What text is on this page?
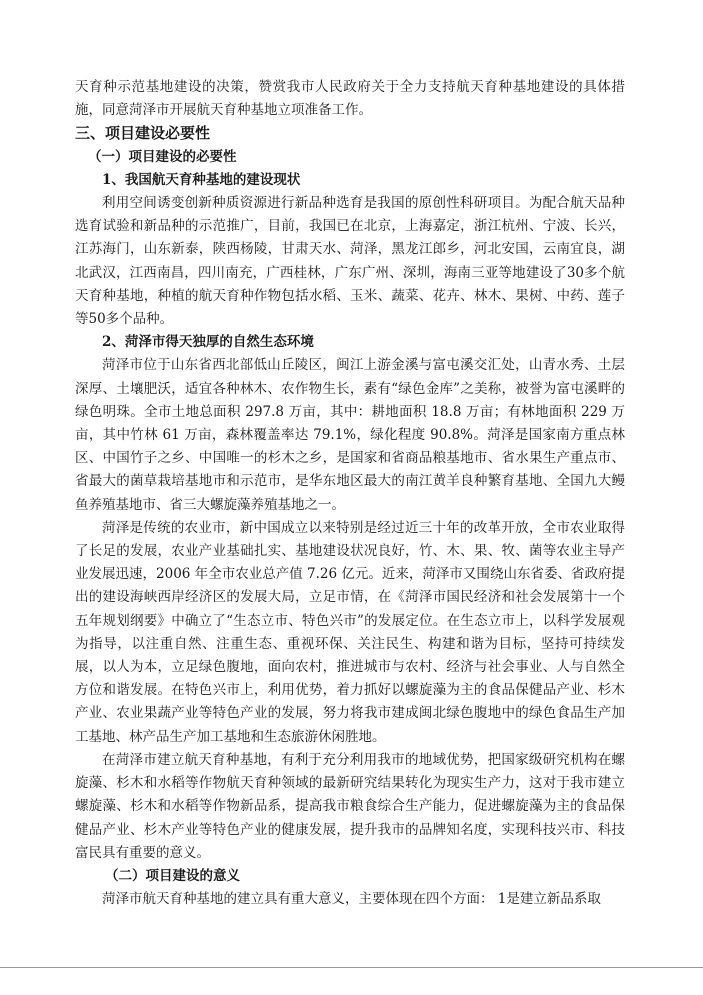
天育种示范基地建设的决策，赞赏我市人民政府关于全力支持航天育种基地建设的具体措施，同意菏泽市开展航天育种基地立项准备工作。

三、项目建设必要性

（一）项目建设的必要性

1、我国航天育种基地的建设现状

利用空间诱变创新种质资源进行新品种选育是我国的原创性科研项目。为配合航天品种选育试验和新品种的示范推广，目前，我国已在北京，上海嘉定，浙江杭州、宁波、长兴，江苏海门，山东新泰，陕西杨陵，甘肃天水、菏泽，黑龙江郎乡，河北安国，云南宜良，湖北武汉，江西南昌，四川南充，广西桂林，广东广州、深圳，海南三亚等地建设了30多个航天育种基地，种植的航天育种作物包括水稻、玉米、蔬菜、花卉、林木、果树、中药、莲子等50多个品种。

2、菏泽市得天独厚的自然生态环境

菏泽市位于山东省西北部低山丘陵区，闽江上游金溪与富屯溪交汇处，山青水秀、土层深厚、土壤肥沃，适宜各种林木、农作物生长，素有“绿色金库”之美称，被誉为富屯溪畔的绿色明珠。全市土地总面积 297.8 万亩，其中：耕地面积 18.8 万亩；有林地面积 229 万亩，其中竹林 61 万亩，森林覆盖率达 79.1%，绿化程度 90.8%。菏泽是国家南方重点林区、中国竹子之乡、中国唯一的杉木之乡，是国家和省商品粮基地市、省水果生产重点市、省最大的菌草栽培基地市和示范市，是华东地区最大的南江黄羊良种繁育基地、全国九大鳗鱼养殖基地市、省三大螺旋藻养殖基地之一。

菏泽是传统的农业市，新中国成立以来特别是经过近三十年的改革开放，全市农业取得了长足的发展，农业产业基础扎实、基地建设状况良好，竹、木、果、牧、菌等农业主导产业发展迅速，2006 年全市农业总产值 7.26 亿元。近来，菏泽市又围绕山东省委、省政府提出的建设海峡西岸经济区的发展大局，立足市情，在《菏泽市国民经济和社会发展第十一个五年规划纲要》中确立了“生态立市、特色兴市”的发展定位。在生态立市上，以科学发展观为指导，以注重自然、注重生态、重视环保、关注民生、构建和谐为目标，坚持可持续发展，以人为本，立足绿色腹地，面向农村，推进城市与农村、经济与社会事业、人与自然全方位和谐发展。在特色兴市上，利用优势，着力抓好以螺旋藻为主的食品保健品产业、杉木产业、农业果蔬产业等特色产业的发展，努力将我市建成闽北绿色腹地中的绿色食品生产加工基地、林产品生产加工基地和生态旅游休闲胜地。

在菏泽市建立航天育种基地，有利于充分利用我市的地域优势，把国家级研究机构在螺旋藻、杉木和水稻等作物航天育种领域的最新研究结果转化为现实生产力，这对于我市建立螺旋藻、杉木和水稻等作物新品系，提高我市粮食综合生产能力，促进螺旋藻为主的食品保健品产业、杉木产业等特色产业的健康发展，提升我市的品牌知名度，实现科技兴市、科技富民具有重要的意义。

（二）项目建设的意义

菏泽市航天育种基地的建立具有重大意义，主要体现在四个方面： 1是建立新品系取
